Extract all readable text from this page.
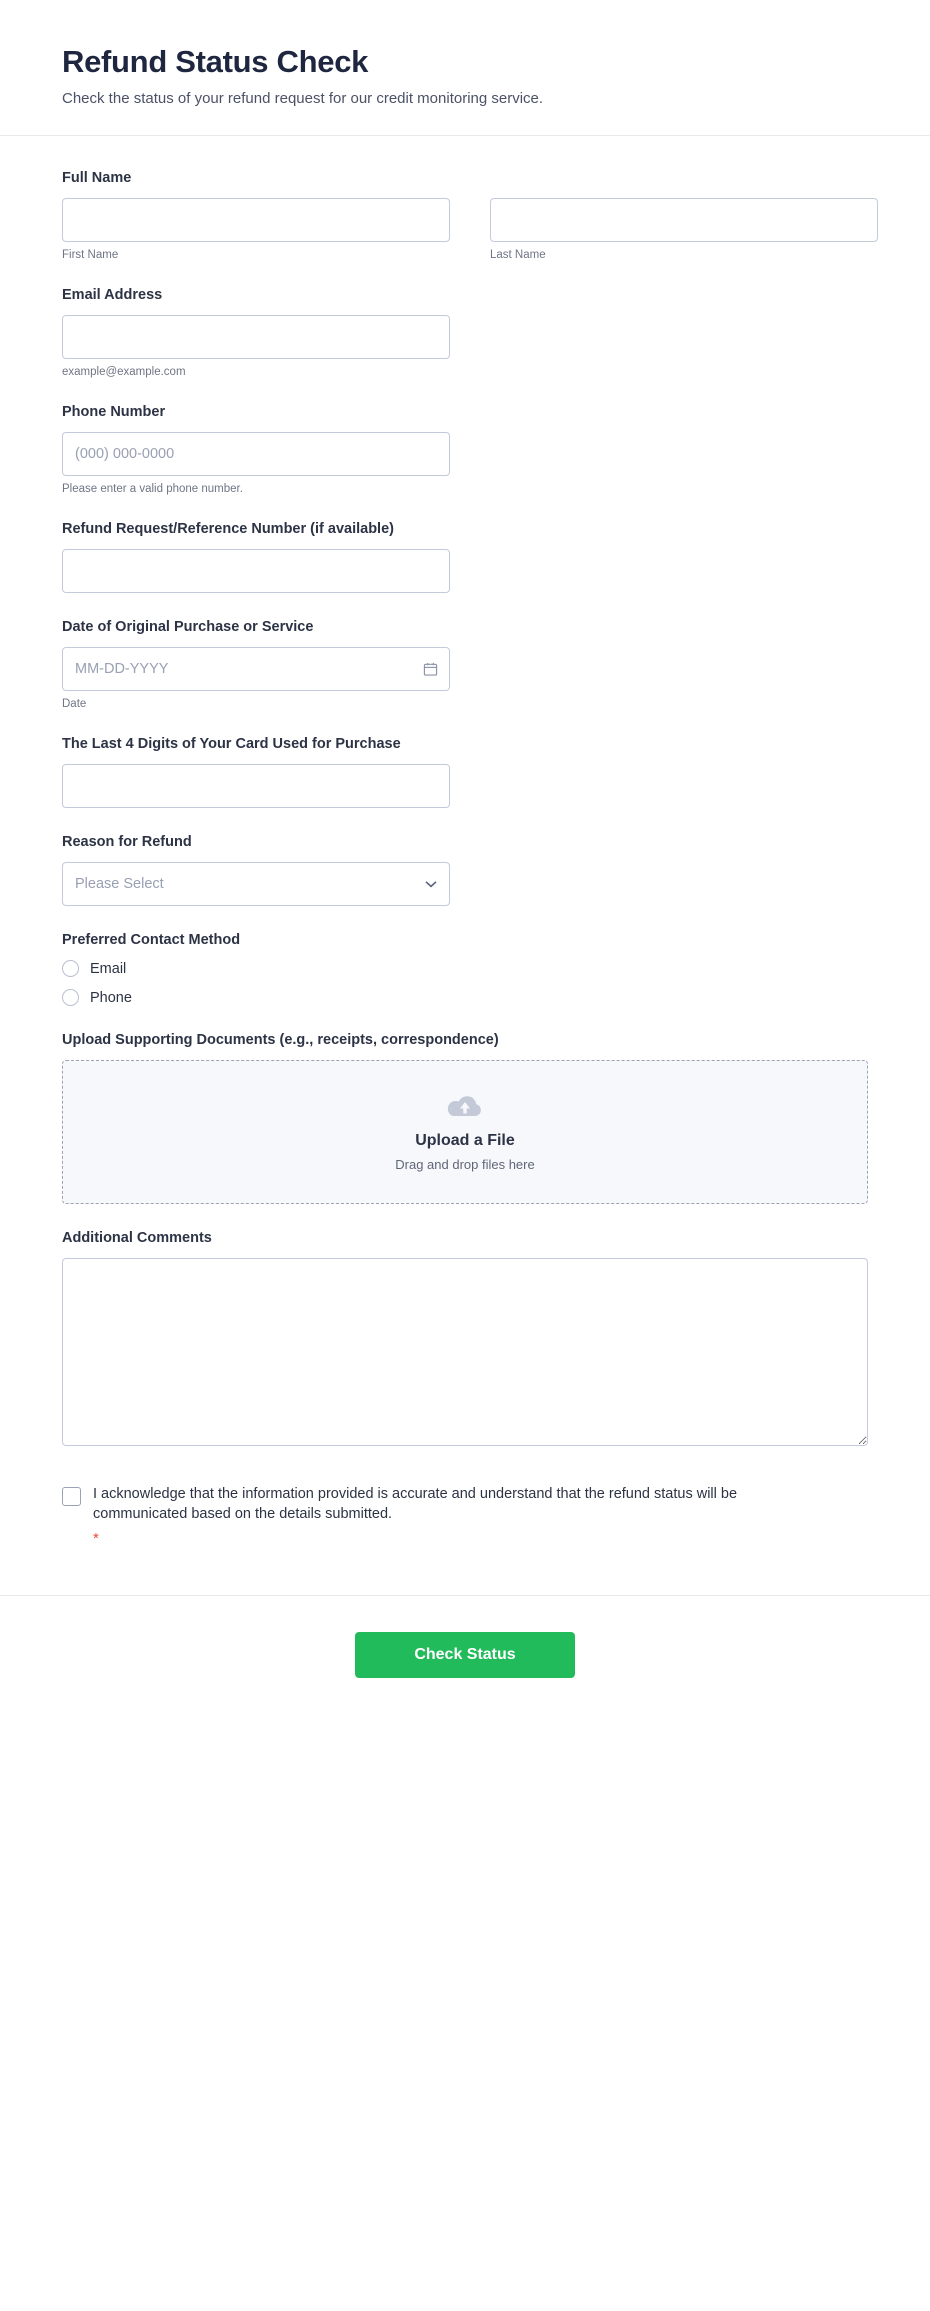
Refund Status Check

Check the status of your refund request for our credit monitoring service.

Full Name
First Name	Last Name
Email Address
example@example.com
Phone Number
(000) 000-0000
Please enter a valid phone number.
Refund Request/Reference Number (if available)
Date of Original Purchase or Service
MM-DD-YYYY
Date
The Last 4 Digits of Your Card Used for Purchase
Reason for Refund
Please Select
Preferred Contact Method
Email
Phone
Upload Supporting Documents (e.g., receipts, correspondence)
Upload a File
Drag and drop files here
Additional Comments
I acknowledge that the information provided is accurate and understand that the refund status will be communicated based on the details submitted.
*
Check Status
